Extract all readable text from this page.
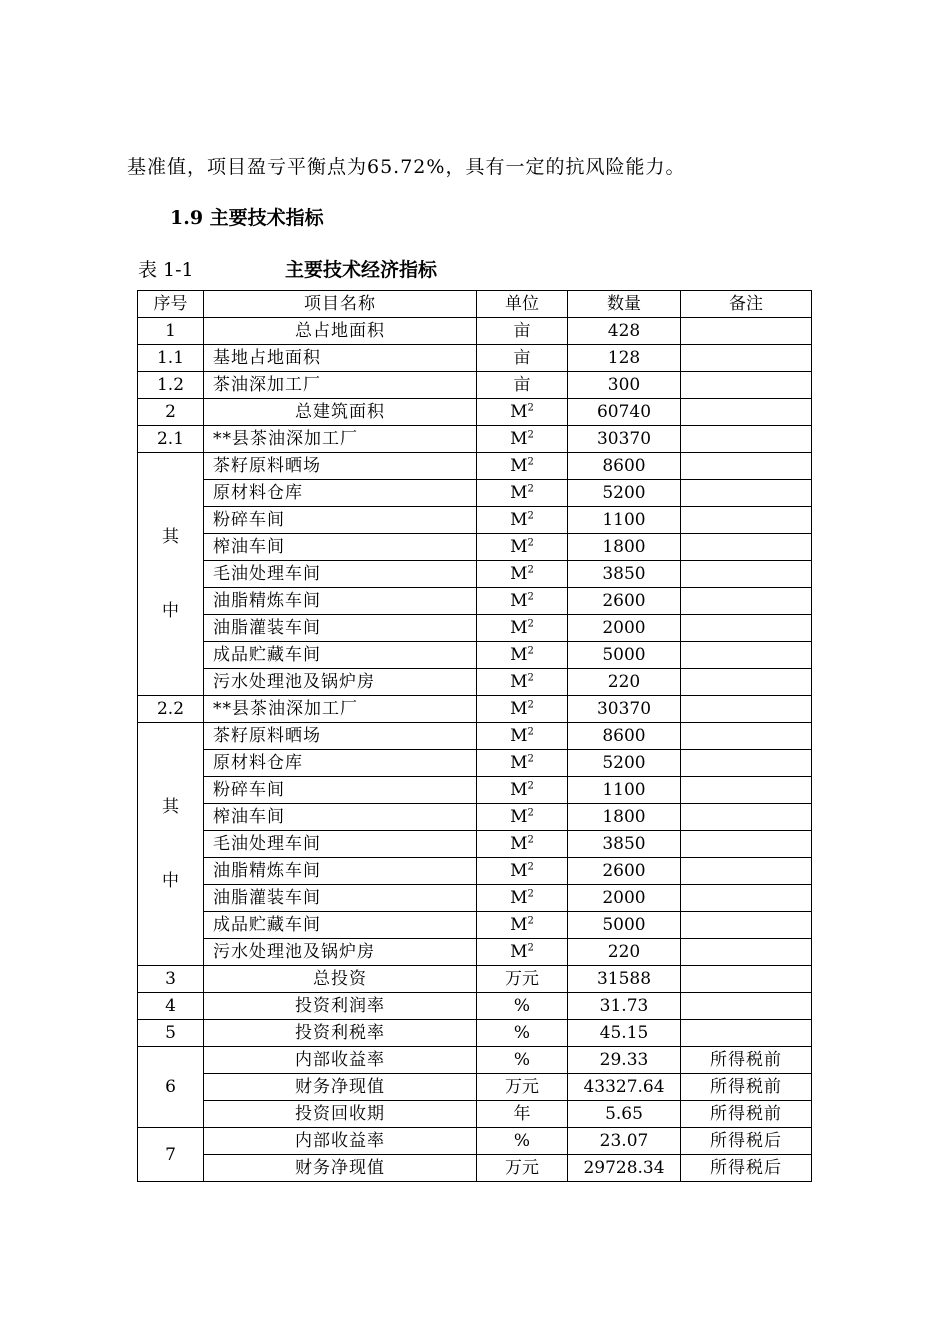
基准值，项目盈亏平衡点为65.72%，具有一定的抗风险能力。
1.9 主要技术指标
表 1-1	主要技术经济指标
序号	项目名称	单位	数量	备注
1	总占地面积	亩	428	
1.1	基地占地面积	亩	128	
1.2	茶油深加工厂	亩	300	
2	总建筑面积	$M^2$	60740	
2.1	**县茶油深加工厂	$M^2$	30370	

其
中	茶籽原料晒场	$M^2$	8600	
	原材料仓库	$M^2$	5200	
	粉碎车间	$M^2$	1100	
	榨油车间	$M^2$	1800	
	毛油处理车间	$M^2$	3850	
	油脂精炼车间	$M^2$	2600	
	油脂灌装车间	$M^2$	2000	
	成品贮藏车间	$M^2$	5000	
	污水处理池及锅炉房	$M^2$	220	
2.2	**县茶油深加工厂	$M^2$	30370	

其
中	茶籽原料晒场	$M^2$	8600	
	原材料仓库	$M^2$	5200	
	粉碎车间	$M^2$	1100	
	榨油车间	$M^2$	1800	
	毛油处理车间	$M^2$	3850	
	油脂精炼车间	$M^2$	2600	
	油脂灌装车间	$M^2$	2000	
	成品贮藏车间	$M^2$	5000	
	污水处理池及锅炉房	$M^2$	220	
3	总投资	万元	31588	
4	投资利润率	%	31.73	
5	投资利税率	%	45.15	
6	内部收益率	%	29.33	所得税前
	财务净现值	万元	43327.64	所得税前
	投资回收期	年	5.65	所得税前
7	内部收益率	%	23.07	所得税后
	财务净现值	万元	29728.34	所得税后
